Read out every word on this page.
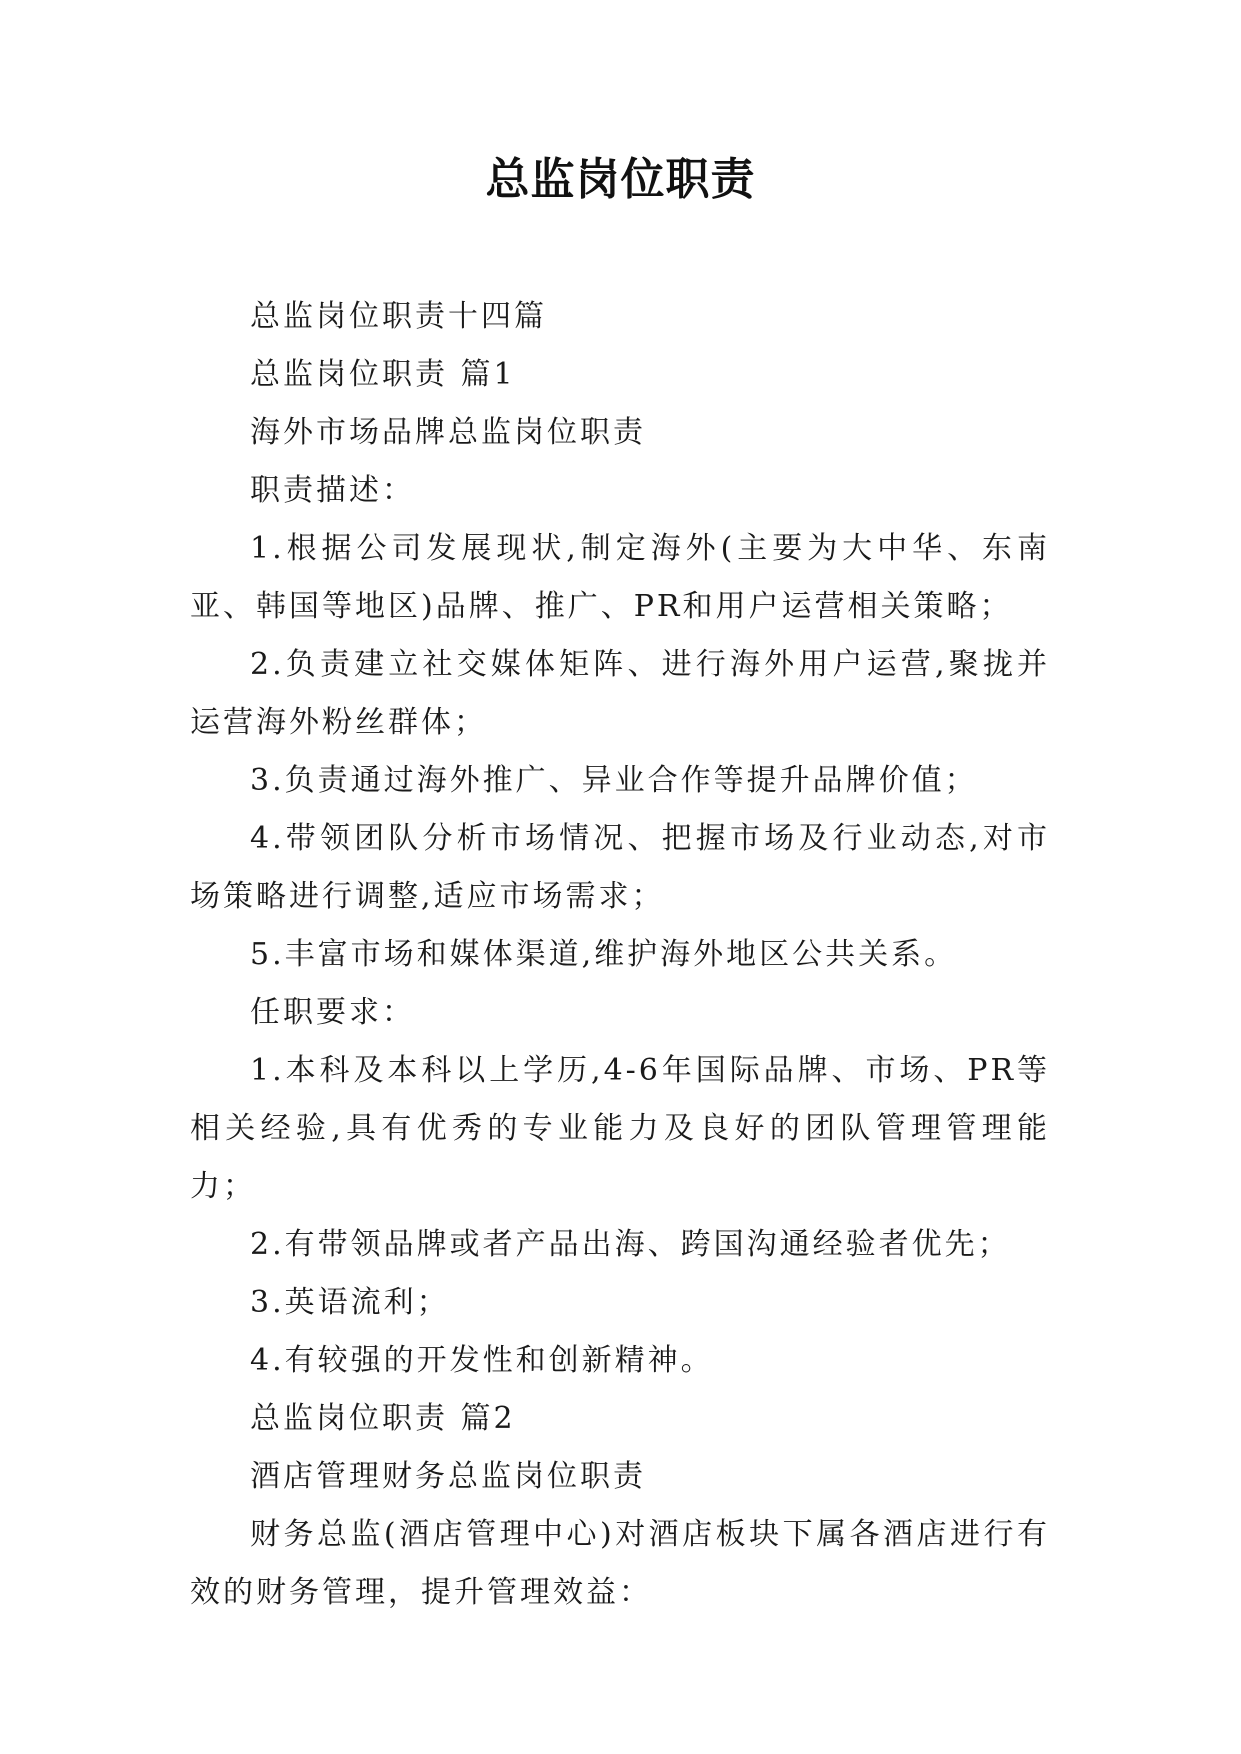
总监岗位职责

总监岗位职责十四篇

总监岗位职责 篇1

海外市场品牌总监岗位职责

职责描述：

1.根据公司发展现状,制定海外(主要为大中华、东南亚、韩国等地区)品牌、推广、PR和用户运营相关策略；

2.负责建立社交媒体矩阵、进行海外用户运营,聚拢并运营海外粉丝群体；

3.负责通过海外推广、异业合作等提升品牌价值；

4.带领团队分析市场情况、把握市场及行业动态,对市场策略进行调整,适应市场需求；

5.丰富市场和媒体渠道,维护海外地区公共关系。

任职要求：

1.本科及本科以上学历,4-6年国际品牌、市场、PR等相关经验,具有优秀的专业能力及良好的团队管理管理能力；

2.有带领品牌或者产品出海、跨国沟通经验者优先；

3.英语流利；

4.有较强的开发性和创新精神。

总监岗位职责 篇2

酒店管理财务总监岗位职责

财务总监(酒店管理中心)对酒店板块下属各酒店进行有效的财务管理，提升管理效益：
